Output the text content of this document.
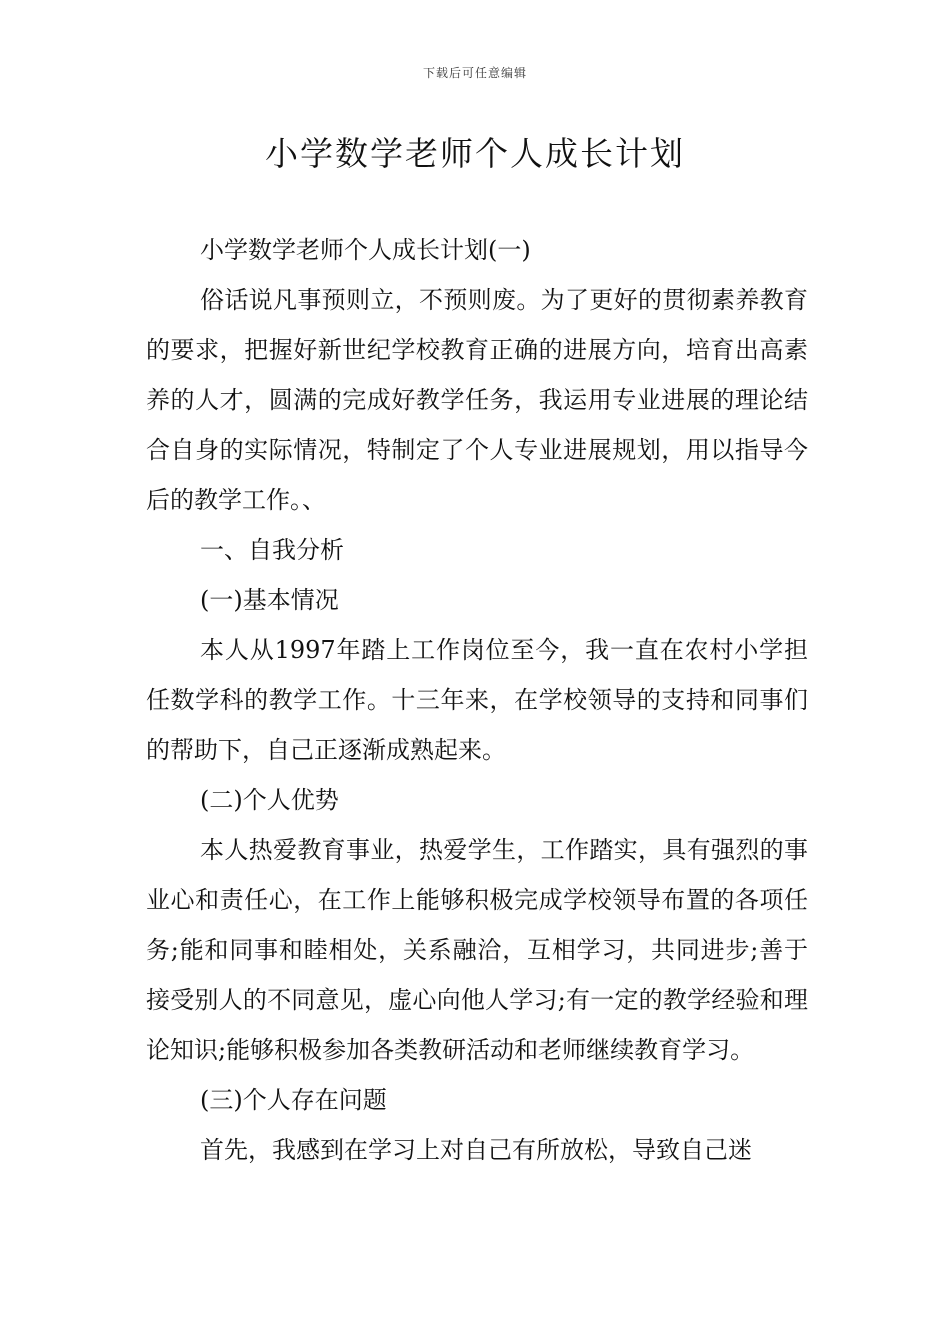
下载后可任意编辑
小学数学老师个人成长计划

小学数学老师个人成长计划(一)

俗话说凡事预则立，不预则废。为了更好的贯彻素养教育的要求，把握好新世纪学校教育正确的进展方向，培育出高素养的人才，圆满的完成好教学任务，我运用专业进展的理论结合自身的实际情况，特制定了个人专业进展规划，用以指导今后的教学工作。、

一、自我分析

(一)基本情况

本人从1997年踏上工作岗位至今，我一直在农村小学担任数学科的教学工作。十三年来，在学校领导的支持和同事们的帮助下，自己正逐渐成熟起来。

(二)个人优势

本人热爱教育事业，热爱学生，工作踏实，具有强烈的事业心和责任心，在工作上能够积极完成学校领导布置的各项任务;能和同事和睦相处，关系融洽，互相学习，共同进步;善于接受别人的不同意见，虚心向他人学习;有一定的教学经验和理论知识;能够积极参加各类教研活动和老师继续教育学习。

(三)个人存在问题

首先，我感到在学习上对自己有所放松，导致自己迷
